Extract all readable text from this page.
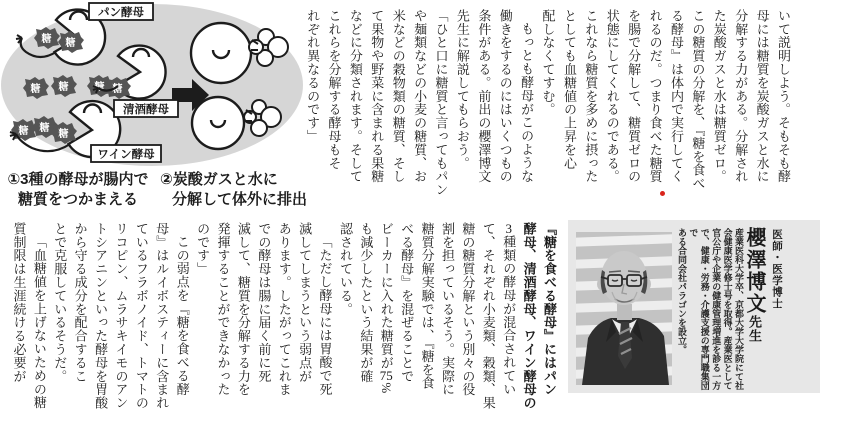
糖	パン酵母
清酒酵母
ワイン酵母
①3種の酵母が腸内で
糖質をつかまえる
②炭酸ガスと水に
分解して体外に排出
いて説明しよう。そもそも酵
母には糖質を炭酸ガスと水に
分解する力がある。分解され
た炭酸ガスと水は糖質ゼロ。
この糖質の分解を、『糖を食べ
る酵母』は体内で実行してく
れるのだ。つまり食べた糖質
を腸で分解して、糖質ゼロの
状態にしてくれるのである。
これなら糖質を多めに摂った
としても血糖値の上昇を心
配しなくてすむ。
もっとも酵母がこのような
働きをするのにはいくつもの
条件がある。前出の櫻澤博文
先生に解説してもらおう。
「ひと口に糖質と言ってもパン
や麺類などの小麦の糖質、お
米などの穀物類の糖質、そし
て果物や野菜に含まれる果糖
などに分類されます。そして
これらを分解する酵母もそ
れぞれ異なるのです」
『糖を食べる酵母』にはパン
酵母、清酒酵母、ワイン酵母の
3種類の酵母が混合されてい
て、それぞれ小麦類、穀類、果
糖の糖質分解という別々の役
割を担っているそう。実際に
糖質分解実験では、『糖を食
べる酵母』を混ぜることで
ビーカーに入れた糖質が75%
も減少したという結果が確
認されている。
「ただし酵母には胃酸で死
滅してしまうという弱点が
あります。したがってこれま
での酵母は腸に届く前に死
滅して、糖質を分解する力を
発揮することができなかった
のです」
この弱点を『糖を食べる酵
母』はルイボスティーに含まれ
ているフラボノイド、トマトの
リコピン、ムラサキイモのアン
トシアニンといった酵母を胃酸
から守る成分を配合するこ
とで克服しているそうだ。
「血糖値を上げないための糖
質制限は生涯続ける必要が	医師・医学博士
櫻澤博文先生
産業医科大学卒、京都大学大学院にて社
会健康医学修士号を取得。産業医として
官公庁や企業の健康管理増進を診る一方
で、健康・労務・介護支援の専門職集団で
ある合同会社パラゴンを設立。
